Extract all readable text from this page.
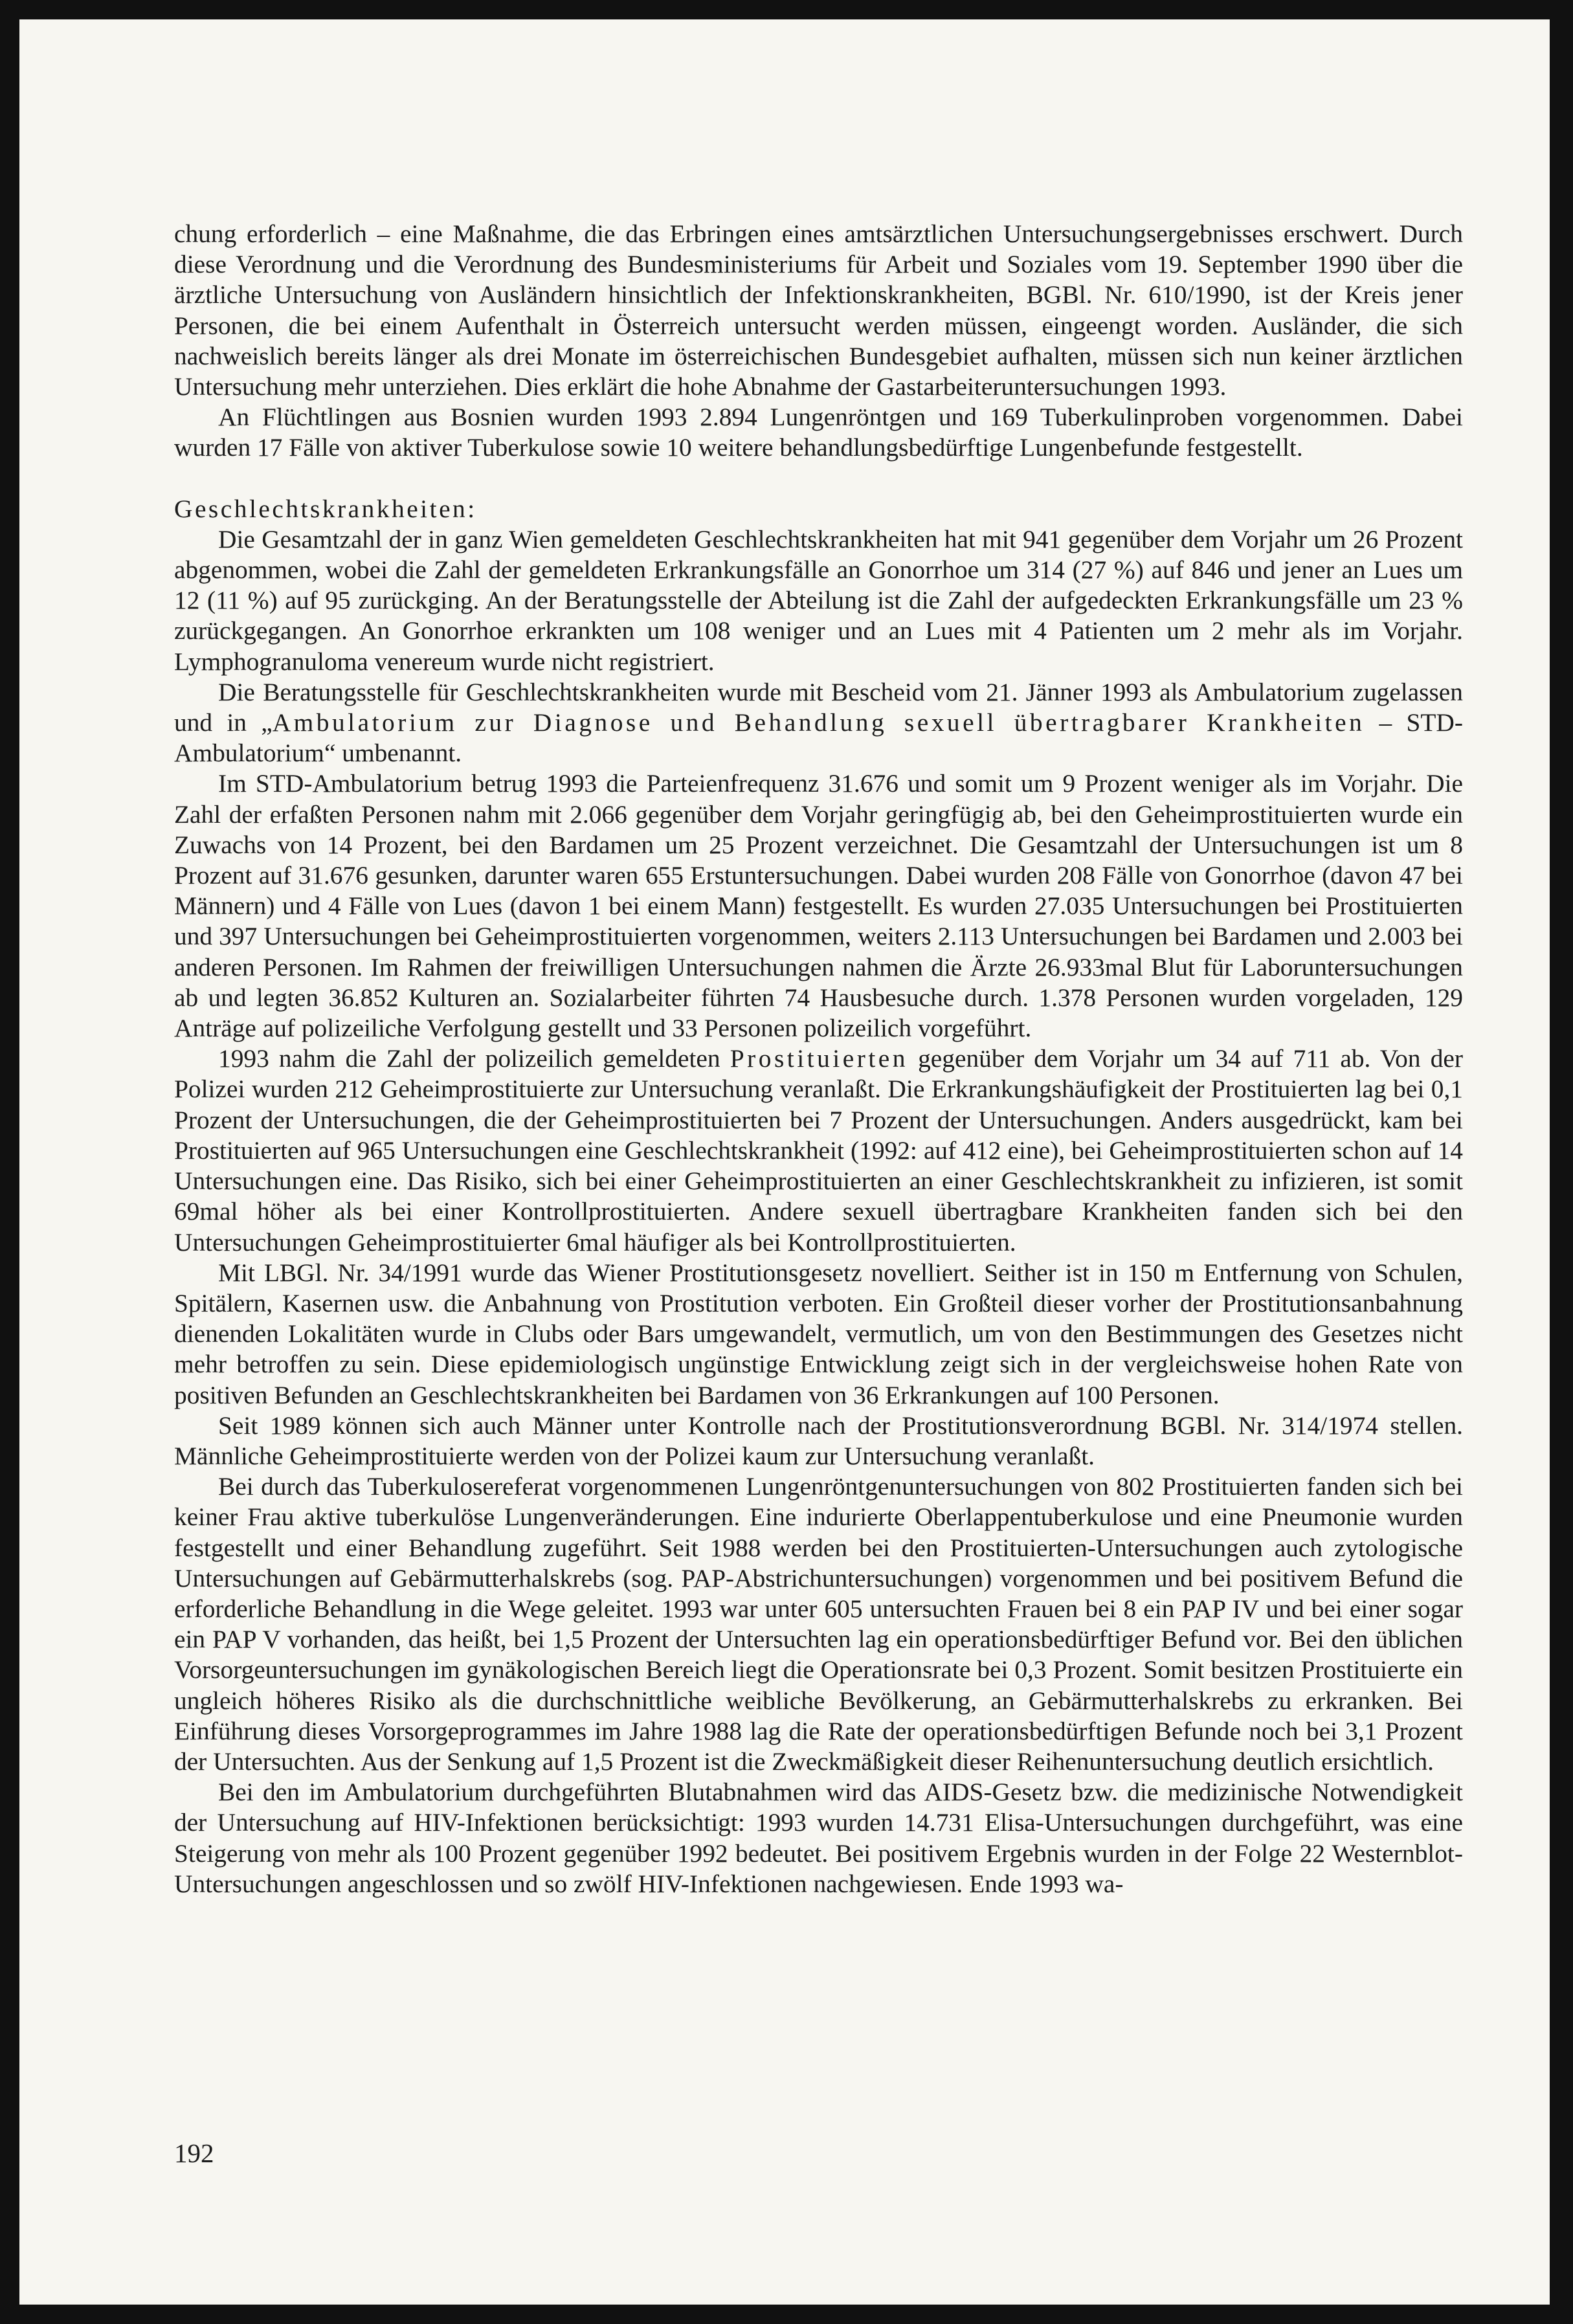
chung erforderlich – eine Maßnahme, die das Erbringen eines amtsärztlichen Untersuchungsergebnisses erschwert. Durch diese Verordnung und die Verordnung des Bundesministeriums für Arbeit und Soziales vom 19. September 1990 über die ärztliche Untersuchung von Ausländern hinsichtlich der Infektionskrankheiten, BGBl. Nr. 610/1990, ist der Kreis jener Personen, die bei einem Aufenthalt in Österreich untersucht werden müssen, eingeengt worden. Ausländer, die sich nachweislich bereits länger als drei Monate im österreichischen Bundesgebiet aufhalten, müssen sich nun keiner ärztlichen Untersuchung mehr unterziehen. Dies erklärt die hohe Abnahme der Gastarbeiteruntersuchungen 1993.

An Flüchtlingen aus Bosnien wurden 1993 2.894 Lungenröntgen und 169 Tuberkulinproben vorgenommen. Dabei wurden 17 Fälle von aktiver Tuberkulose sowie 10 weitere behandlungsbedürftige Lungenbefunde festgestellt.

Geschlechtskrankheiten:

Die Gesamtzahl der in ganz Wien gemeldeten Geschlechtskrankheiten hat mit 941 gegenüber dem Vorjahr um 26 Prozent abgenommen, wobei die Zahl der gemeldeten Erkrankungsfälle an Gonorrhoe um 314 (27 %) auf 846 und jener an Lues um 12 (11 %) auf 95 zurückging. An der Beratungsstelle der Abteilung ist die Zahl der aufgedeckten Erkrankungsfälle um 23 % zurückgegangen. An Gonorrhoe erkrankten um 108 weniger und an Lues mit 4 Patienten um 2 mehr als im Vorjahr. Lymphogranuloma venereum wurde nicht registriert.

Die Beratungsstelle für Geschlechtskrankheiten wurde mit Bescheid vom 21. Jänner 1993 als Ambulatorium zugelassen und in „Ambulatorium zur Diagnose und Behandlung sexuell übertragbarer Krankheiten – STD-Ambulatorium“ umbenannt.

Im STD-Ambulatorium betrug 1993 die Parteienfrequenz 31.676 und somit um 9 Prozent weniger als im Vorjahr. Die Zahl der erfaßten Personen nahm mit 2.066 gegenüber dem Vorjahr geringfügig ab, bei den Geheimprostituierten wurde ein Zuwachs von 14 Prozent, bei den Bardamen um 25 Prozent verzeichnet. Die Gesamtzahl der Untersuchungen ist um 8 Prozent auf 31.676 gesunken, darunter waren 655 Erstuntersuchungen. Dabei wurden 208 Fälle von Gonorrhoe (davon 47 bei Männern) und 4 Fälle von Lues (davon 1 bei einem Mann) festgestellt. Es wurden 27.035 Untersuchungen bei Prostituierten und 397 Untersuchungen bei Geheimprostituierten vorgenommen, weiters 2.113 Untersuchungen bei Bardamen und 2.003 bei anderen Personen. Im Rahmen der freiwilligen Untersuchungen nahmen die Ärzte 26.933mal Blut für Laboruntersuchungen ab und legten 36.852 Kulturen an. Sozialarbeiter führten 74 Hausbesuche durch. 1.378 Personen wurden vorgeladen, 129 Anträge auf polizeiliche Verfolgung gestellt und 33 Personen polizeilich vorgeführt.

1993 nahm die Zahl der polizeilich gemeldeten Prostituierten gegenüber dem Vorjahr um 34 auf 711 ab. Von der Polizei wurden 212 Geheimprostituierte zur Untersuchung veranlaßt. Die Erkrankungshäufigkeit der Prostituierten lag bei 0,1 Prozent der Untersuchungen, die der Geheimprostituierten bei 7 Prozent der Untersuchungen. Anders ausgedrückt, kam bei Prostituierten auf 965 Untersuchungen eine Geschlechtskrankheit (1992: auf 412 eine), bei Geheimprostituierten schon auf 14 Untersuchungen eine. Das Risiko, sich bei einer Geheimprostituierten an einer Geschlechtskrankheit zu infizieren, ist somit 69mal höher als bei einer Kontrollprostituierten. Andere sexuell übertragbare Krankheiten fanden sich bei den Untersuchungen Geheimprostituierter 6mal häufiger als bei Kontrollprostituierten.

Mit LBGl. Nr. 34/1991 wurde das Wiener Prostitutionsgesetz novelliert. Seither ist in 150 m Entfernung von Schulen, Spitälern, Kasernen usw. die Anbahnung von Prostitution verboten. Ein Großteil dieser vorher der Prostitutionsanbahnung dienenden Lokalitäten wurde in Clubs oder Bars umgewandelt, vermutlich, um von den Bestimmungen des Gesetzes nicht mehr betroffen zu sein. Diese epidemiologisch ungünstige Entwicklung zeigt sich in der vergleichsweise hohen Rate von positiven Befunden an Geschlechtskrankheiten bei Bardamen von 36 Erkrankungen auf 100 Personen.

Seit 1989 können sich auch Männer unter Kontrolle nach der Prostitutionsverordnung BGBl. Nr. 314/1974 stellen. Männliche Geheimprostituierte werden von der Polizei kaum zur Untersuchung veranlaßt.

Bei durch das Tuberkulosereferat vorgenommenen Lungenröntgenuntersuchungen von 802 Prostituierten fanden sich bei keiner Frau aktive tuberkulöse Lungenveränderungen. Eine indurierte Oberlappentuberkulose und eine Pneumonie wurden festgestellt und einer Behandlung zugeführt. Seit 1988 werden bei den Prostituierten-Untersuchungen auch zytologische Untersuchungen auf Gebärmutterhalskrebs (sog. PAP-Abstrichuntersuchungen) vorgenommen und bei positivem Befund die erforderliche Behandlung in die Wege geleitet. 1993 war unter 605 untersuchten Frauen bei 8 ein PAP IV und bei einer sogar ein PAP V vorhanden, das heißt, bei 1,5 Prozent der Untersuchten lag ein operationsbedürftiger Befund vor. Bei den üblichen Vorsorgeuntersuchungen im gynäkologischen Bereich liegt die Operationsrate bei 0,3 Prozent. Somit besitzen Prostituierte ein ungleich höheres Risiko als die durchschnittliche weibliche Bevölkerung, an Gebärmutterhalskrebs zu erkranken. Bei Einführung dieses Vorsorgeprogrammes im Jahre 1988 lag die Rate der operationsbedürftigen Befunde noch bei 3,1 Prozent der Untersuchten. Aus der Senkung auf 1,5 Prozent ist die Zweckmäßigkeit dieser Reihenuntersuchung deutlich ersichtlich.

Bei den im Ambulatorium durchgeführten Blutabnahmen wird das AIDS-Gesetz bzw. die medizinische Notwendigkeit der Untersuchung auf HIV-Infektionen berücksichtigt: 1993 wurden 14.731 Elisa-Untersuchungen durchgeführt, was eine Steigerung von mehr als 100 Prozent gegenüber 1992 bedeutet. Bei positivem Ergebnis wurden in der Folge 22 Westernblot-Untersuchungen angeschlossen und so zwölf HIV-Infektionen nachgewiesen. Ende 1993 wa-

192
